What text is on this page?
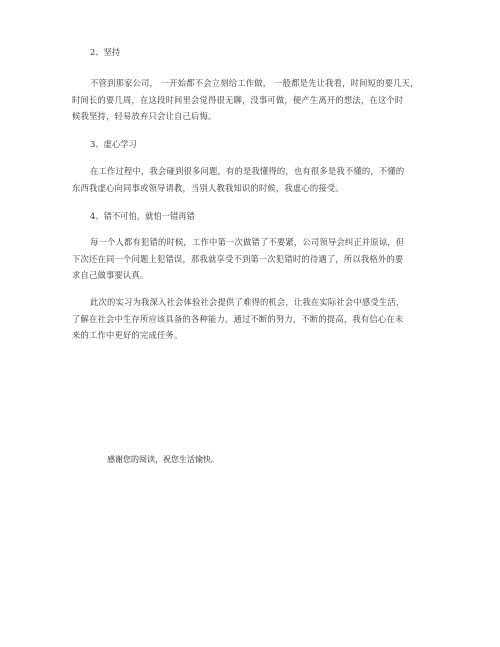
2、坚持
不管到那家公司， 一开始都不会立刻给工作做， 一般都是先让我看，时间短的要几天，
时间长的要几周，在这段时间里会觉得很无聊，没事可做，便产生离开的想法，在这个时
候我坚持，轻易放弃只会让自己后悔。
3、虚心学习
在工作过程中，我会碰到很多问题，有的是我懂得的，也有很多是我不懂的，不懂的
东西我虚心向同事或领导请教，当别人教我知识的时候，我虚心的接受。
4、错不可怕，就怕一错再错
每一个人都有犯错的时候，工作中第一次做错了不要紧，公司领导会纠正并原谅，但
下次还在同一个问题上犯错误，那我就享受不到第一次犯错时的待遇了，所以我格外的要
求自己做事要认真。
此次的实习为我深入社会体验社会提供了难得的机会，让我在实际社会中感受生活，
了解在社会中生存所应该具备的各种能力。通过不断的努力，不断的提高，我有信心在未
来的工作中更好的完成任务。
感谢您的阅读，祝您生活愉快。
